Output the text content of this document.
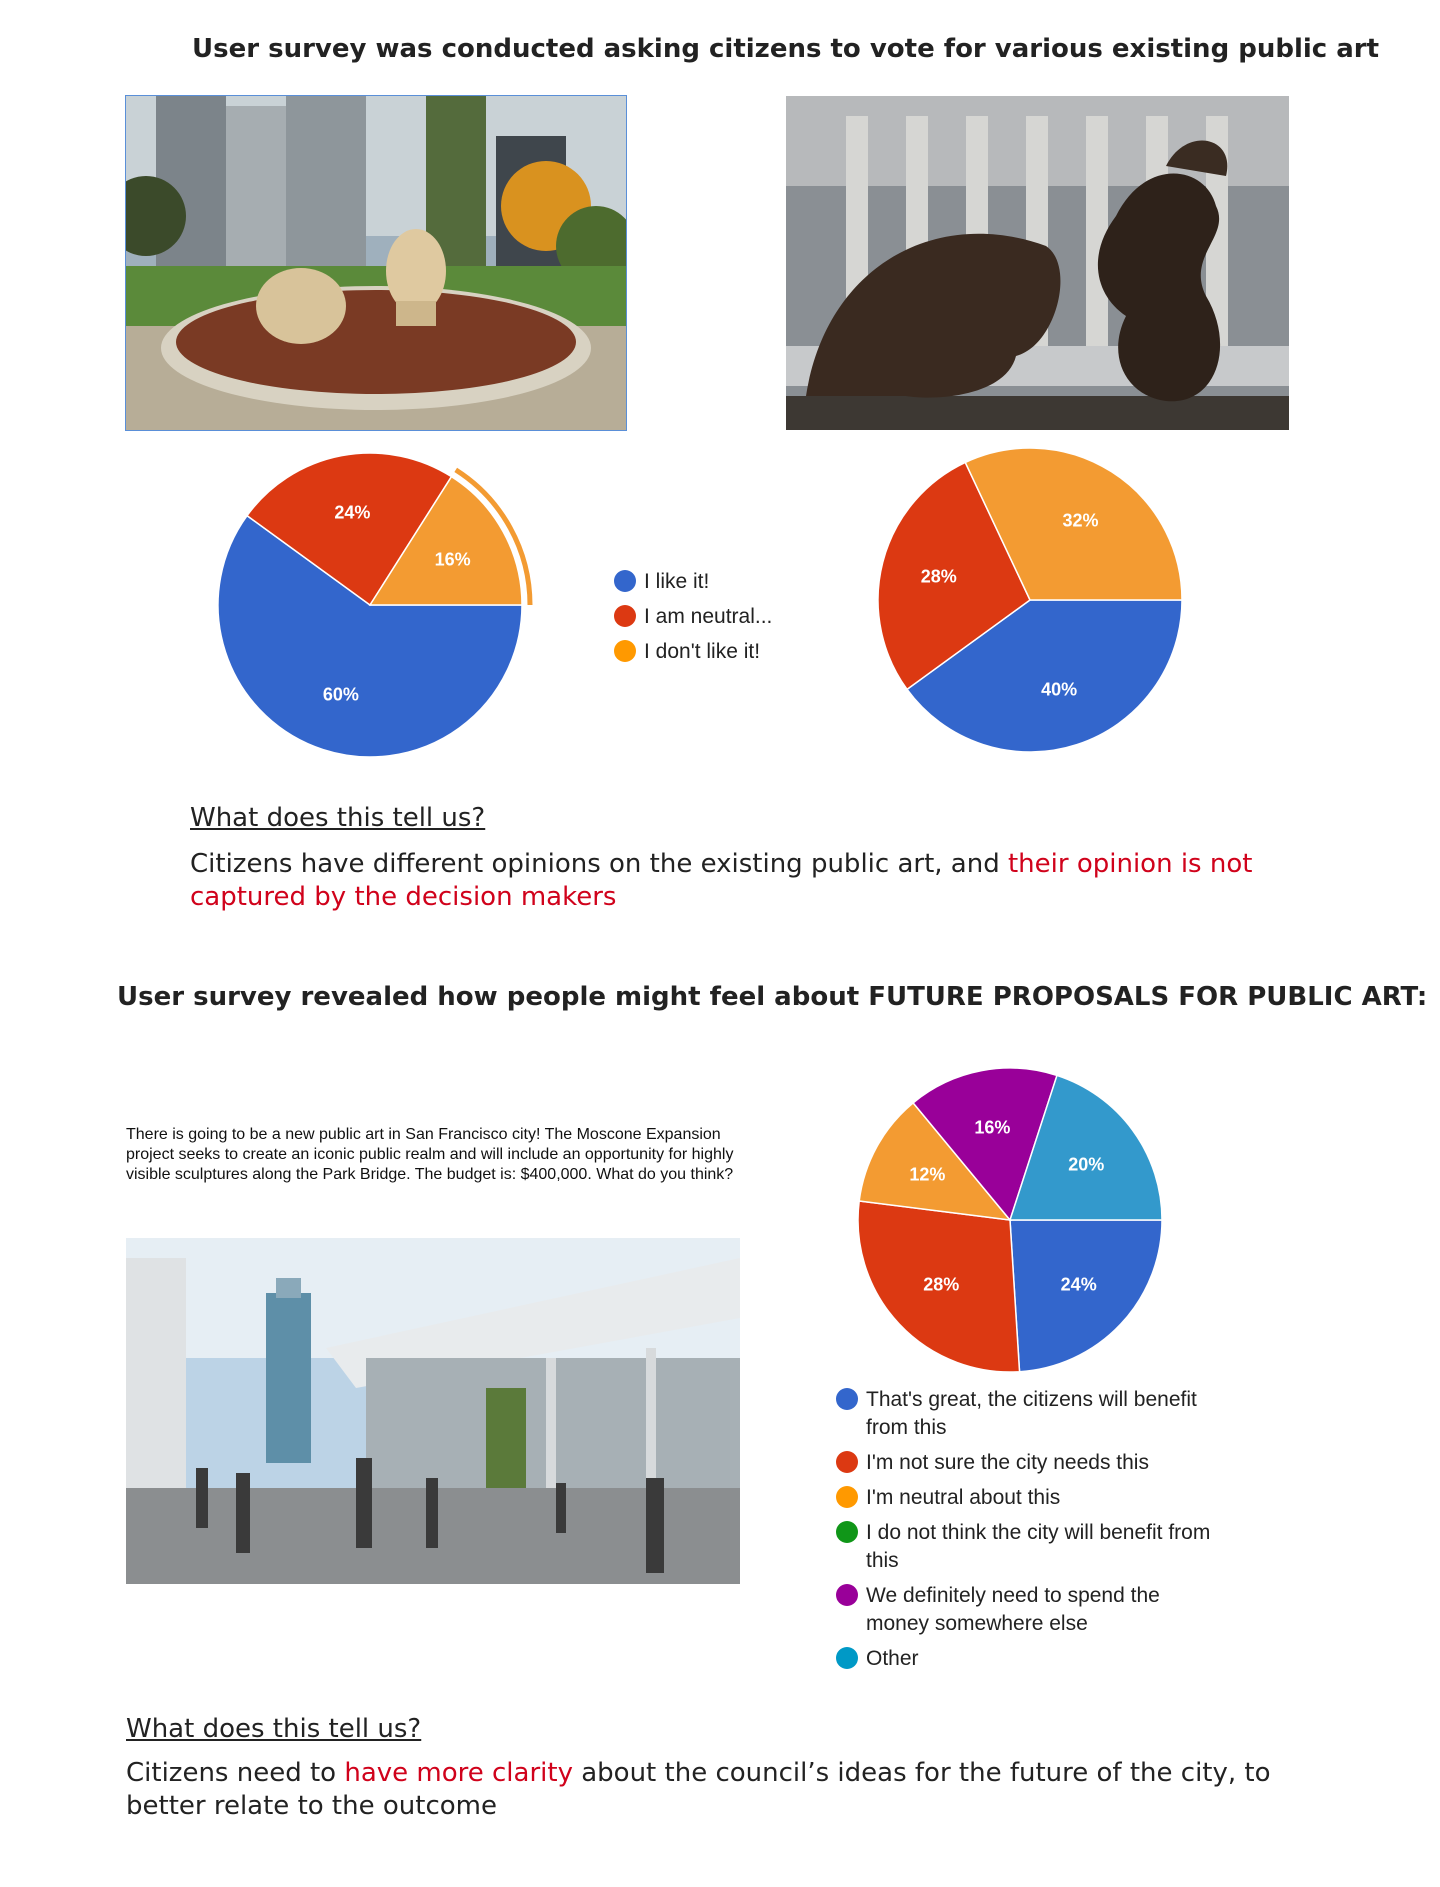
User survey was conducted asking citizens to vote for various existing public art
60%
24%
16%
I like it!
I am neutral...
I don't like it!
40%
28%
32%
What does this tell us?
Citizens have different opinions on the existing public art, and their opinion is not captured by the decision makers
User survey revealed how people might feel about FUTURE PROPOSALS FOR PUBLIC ART:
There is going to be a new public art in San Francisco city! The Moscone Expansion project seeks to create an iconic public realm and will include an opportunity for highly visible sculptures along the Park Bridge. The budget is: $400,000. What do you think?
24%
28%
12%
16%
20%
That's great, the citizens will benefit from this
I'm not sure the city needs this
I'm neutral about this
I do not think the city will benefit from this
We definitely need to spend the money somewhere else
Other
What does this tell us?
Citizens need to have more clarity about the council’s ideas for the future of the city, to better relate to the outcome
